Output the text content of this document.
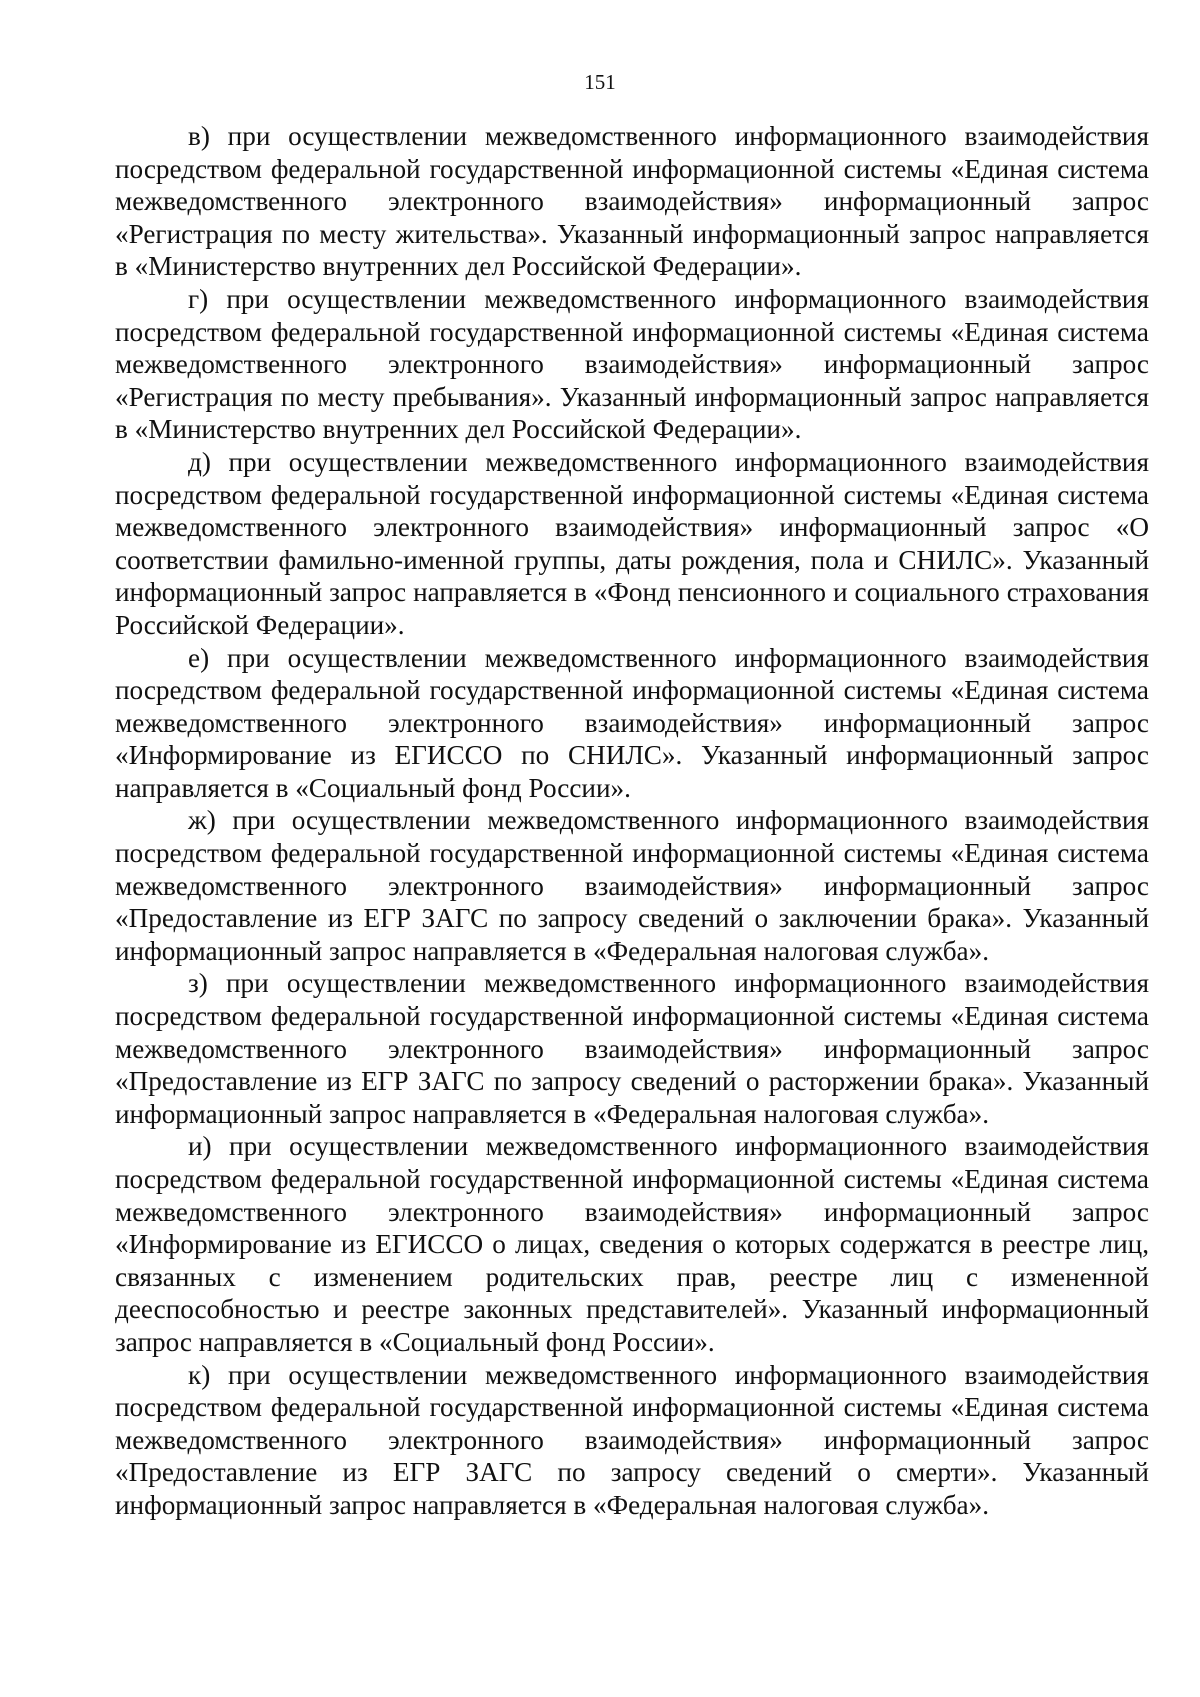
151

в) при осуществлении межведомственного информационного взаимодействия посредством федеральной государственной информационной системы «Единая система межведомственного электронного взаимодействия» информационный запрос «Регистрация по месту жительства». Указанный информационный запрос направляется в «Министерство внутренних дел Российской Федерации».

г) при осуществлении межведомственного информационного взаимодействия посредством федеральной государственной информационной системы «Единая система межведомственного электронного взаимодействия» информационный запрос «Регистрация по месту пребывания». Указанный информационный запрос направляется в «Министерство внутренних дел Российской Федерации».

д) при осуществлении межведомственного информационного взаимодействия посредством федеральной государственной информационной системы «Единая система межведомственного электронного взаимодействия» информационный запрос «О соответствии фамильно-именной группы, даты рождения, пола и СНИЛС». Указанный информационный запрос направляется в «Фонд пенсионного и социального страхования Российской Федерации».

е) при осуществлении межведомственного информационного взаимодействия посредством федеральной государственной информационной системы «Единая система межведомственного электронного взаимодействия» информационный запрос «Информирование из ЕГИССО по СНИЛС». Указанный информационный запрос направляется в «Социальный фонд России».

ж) при осуществлении межведомственного информационного взаимодействия посредством федеральной государственной информационной системы «Единая система межведомственного электронного взаимодействия» информационный запрос «Предоставление из ЕГР ЗАГС по запросу сведений о заключении брака». Указанный информационный запрос направляется в «Федеральная налоговая служба».

з) при осуществлении межведомственного информационного взаимодействия посредством федеральной государственной информационной системы «Единая система межведомственного электронного взаимодействия» информационный запрос «Предоставление из ЕГР ЗАГС по запросу сведений о расторжении брака». Указанный информационный запрос направляется в «Федеральная налоговая служба».

и) при осуществлении межведомственного информационного взаимодействия посредством федеральной государственной информационной системы «Единая система межведомственного электронного взаимодействия» информационный запрос «Информирование из ЕГИССО о лицах, сведения о которых содержатся в реестре лиц, связанных с изменением родительских прав, реестре лиц с измененной дееспособностью и реестре законных представителей». Указанный информационный запрос направляется в «Социальный фонд России».

к) при осуществлении межведомственного информационного взаимодействия посредством федеральной государственной информационной системы «Единая система межведомственного электронного взаимодействия» информационный запрос «Предоставление из ЕГР ЗАГС по запросу сведений о смерти». Указанный информационный запрос направляется в «Федеральная налоговая служба».
